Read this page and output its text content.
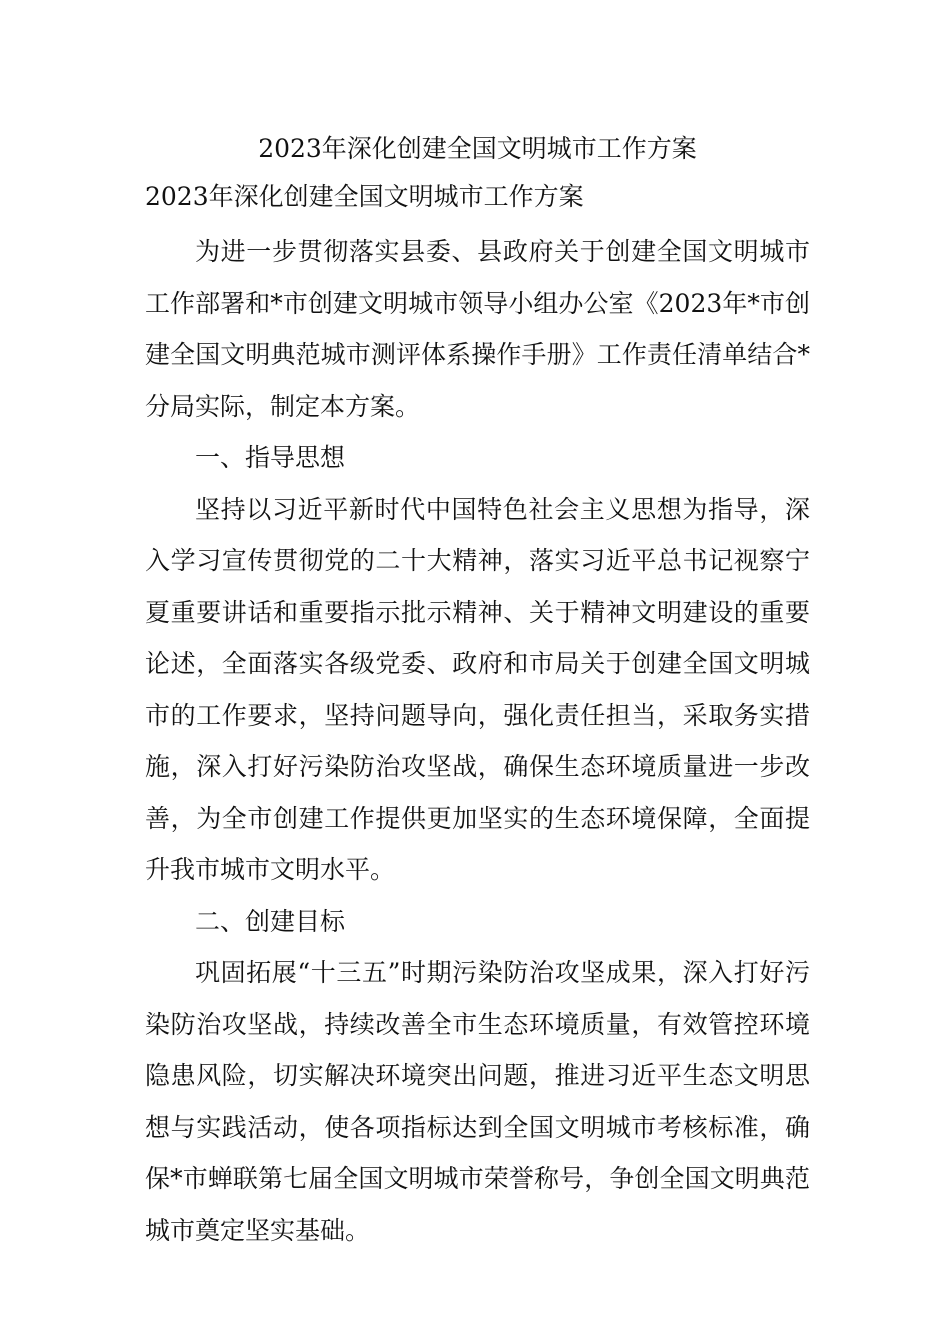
2023年深化创建全国文明城市工作方案
2023年深化创建全国文明城市工作方案

为进一步贯彻落实县委、县政府关于创建全国文明城市工作部署和*市创建文明城市领导小组办公室《2023年*市创建全国文明典范城市测评体系操作手册》工作责任清单结合*分局实际，制定本方案。

一、指导思想

坚持以习近平新时代中国特色社会主义思想为指导，深入学习宣传贯彻党的二十大精神，落实习近平总书记视察宁夏重要讲话和重要指示批示精神、关于精神文明建设的重要论述，全面落实各级党委、政府和市局关于创建全国文明城市的工作要求，坚持问题导向，强化责任担当，采取务实措施，深入打好污染防治攻坚战，确保生态环境质量进一步改善，为全市创建工作提供更加坚实的生态环境保障，全面提升我市城市文明水平。

二、创建目标

巩固拓展“十三五”时期污染防治攻坚成果，深入打好污染防治攻坚战，持续改善全市生态环境质量，有效管控环境隐患风险，切实解决环境突出问题，推进习近平生态文明思想与实践活动，使各项指标达到全国文明城市考核标准，确保*市蝉联第七届全国文明城市荣誉称号，争创全国文明典范城市奠定坚实基础。
